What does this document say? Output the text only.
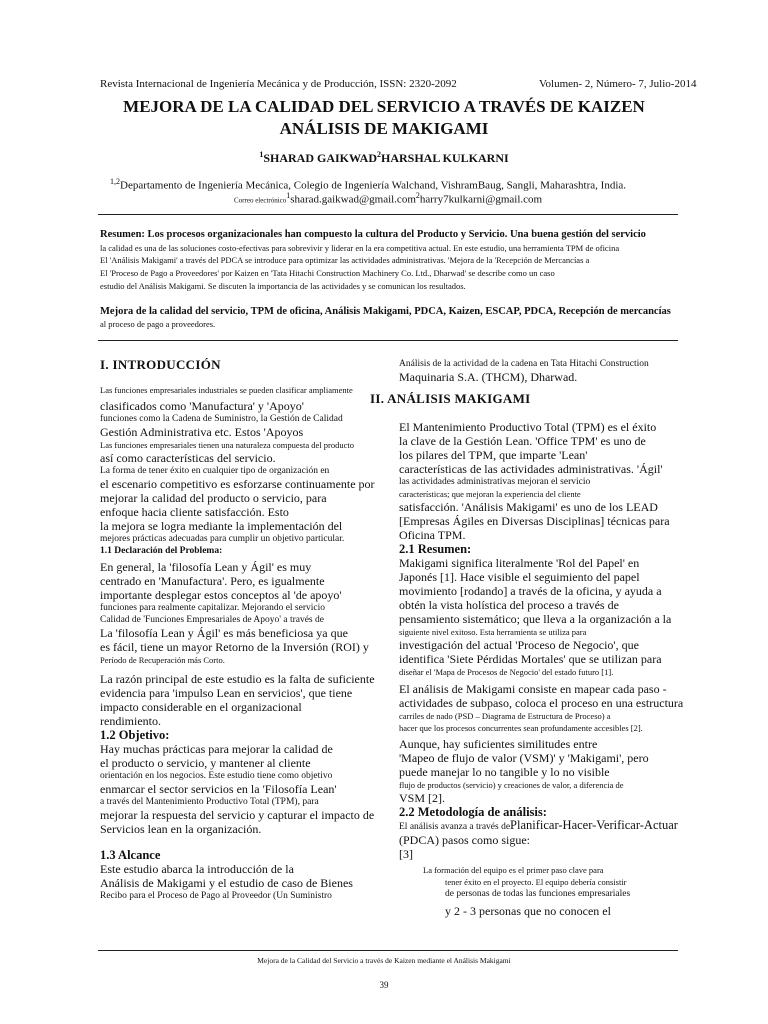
Revista Internacional de Ingeniería Mecánica y de Producción, ISSN: 2320-2092	Volumen- 2, Número- 7, Julio-2014
MEJORA DE LA CALIDAD DEL SERVICIO A TRAVÉS DE KAIZEN
ANÁLISIS DE MAKIGAMI
$^1$SHARAD GAIKWAD$^2$HARSHAL KULKARNI
$^{1,2}$Departamento de Ingeniería Mecánica, Colegio de Ingeniería Walchand, VishramBaug, Sangli, Maharashtra, India.
Correo electrónico$^1$sharad.gaikwad@gmail.com$^2$harry7kulkarni@gmail.com
Resumen: Los procesos organizacionales han compuesto la cultura del Producto y Servicio. Una buena gestión del servicio
la calidad es una de las soluciones costo-efectivas para sobrevivir y liderar en la era competitiva actual. En este estudio, una herramienta TPM de oficina
El 'Análisis Makigami' a través del PDCA se introduce para optimizar las actividades administrativas. 'Mejora de la 'Recepción de Mercancías a
El 'Proceso de Pago a Proveedores' por Kaizen en 'Tata Hitachi Construction Machinery Co. Ltd., Dharwad' se describe como un caso
estudio del Análisis Makigami. Se discuten la importancia de las actividades y se comunican los resultados.
Mejora de la calidad del servicio, TPM de oficina, Análisis Makigami, PDCA, Kaizen, ESCAP, PDCA, Recepción de mercancías
al proceso de pago a proveedores.

I. INTRODUCCIÓN

Las funciones empresariales industriales se pueden clasificar ampliamente

clasificados como 'Manufactura' y 'Apoyo'

funciones como la Cadena de Suministro, la Gestión de Calidad

Gestión Administrativa etc. Estos 'Apoyos

Las funciones empresariales tienen una naturaleza compuesta del producto

así como características del servicio.

La forma de tener éxito en cualquier tipo de organización en

el escenario competitivo es esforzarse continuamente por

mejorar la calidad del producto o servicio, para

enfoque hacia cliente satisfacción. Esto

la mejora se logra mediante la implementación del

mejores prácticas adecuadas para cumplir un objetivo particular.

1.1 Declaración del Problema:

En general, la 'filosofía Lean y Ágil' es muy

centrado en 'Manufactura'. Pero, es igualmente

importante desplegar estos conceptos al 'de apoyo'

funciones para realmente capitalizar. Mejorando el servicio

Calidad de 'Funciones Empresariales de Apoyo' a través de

La 'filosofía Lean y Ágil' es más beneficiosa ya que

es fácil, tiene un mayor Retorno de la Inversión (ROI) y

Período de Recuperación más Corto.

La razón principal de este estudio es la falta de suficiente

evidencia para 'impulso Lean en servicios', que tiene

impacto considerable en el organizacional

rendimiento.

1.2 Objetivo:

Hay muchas prácticas para mejorar la calidad de

el producto o servicio, y mantener al cliente

orientación en los negocios. Este estudio tiene como objetivo

enmarcar el sector servicios en la 'Filosofía Lean'

a través del Mantenimiento Productivo Total (TPM), para

mejorar la respuesta del servicio y capturar el impacto de

Servicios lean en la organización.

1.3 Alcance

Este estudio abarca la introducción de la

Análisis de Makigami y el estudio de caso de Bienes

Recibo para el Proceso de Pago al Proveedor (Un Suministro

Análisis de la actividad de la cadena en Tata Hitachi Construction

Maquinaria S.A. (THCM), Dharwad.

II. ANÁLISIS MAKIGAMI

El Mantenimiento Productivo Total (TPM) es el éxito

la clave de la Gestión Lean. 'Office TPM' es uno de

los pilares del TPM, que imparte 'Lean'

características de las actividades administrativas. 'Ágil'

las actividades administrativas mejoran el servicio

características; que mejoran la experiencia del cliente

satisfacción. 'Análisis Makigami' es uno de los LEAD

[Empresas Ágiles en Diversas Disciplinas] técnicas para

Oficina TPM.

2.1 Resumen:

Makigami significa literalmente 'Rol del Papel' en

Japonés [1]. Hace visible el seguimiento del papel

movimiento [rodando] a través de la oficina, y ayuda a

obtén la vista holística del proceso a través de

pensamiento sistemático; que lleva a la organización a la

siguiente nivel exitoso. Esta herramienta se utiliza para

investigación del actual 'Proceso de Negocio', que

identifica 'Siete Pérdidas Mortales' que se utilizan para

diseñar el 'Mapa de Procesos de Negocio' del estado futuro [1].

El análisis de Makigami consiste en mapear cada paso -

actividades de subpaso, coloca el proceso en una estructura

carriles de nado (PSD – Diagrama de Estructura de Proceso) a

hacer que los procesos concurrentes sean profundamente accesibles [2].

Aunque, hay suficientes similitudes entre

'Mapeo de flujo de valor (VSM)' y 'Makigami', pero

puede manejar lo no tangible y lo no visible

flujo de productos (servicio) y creaciones de valor, a diferencia de

VSM [2].

2.2 Metodología de análisis:

El análisis avanza a través dePlanificar-Hacer-Verificar-Actuar

(PDCA) pasos como sigue:

[3]

La formación del equipo es el primer paso clave para

tener éxito en el proyecto. El equipo debería consistir

de personas de todas las funciones empresariales

y 2 - 3 personas que no conocen el

Mejora de la Calidad del Servicio a través de Kaizen mediante el Análisis Makigami
39
